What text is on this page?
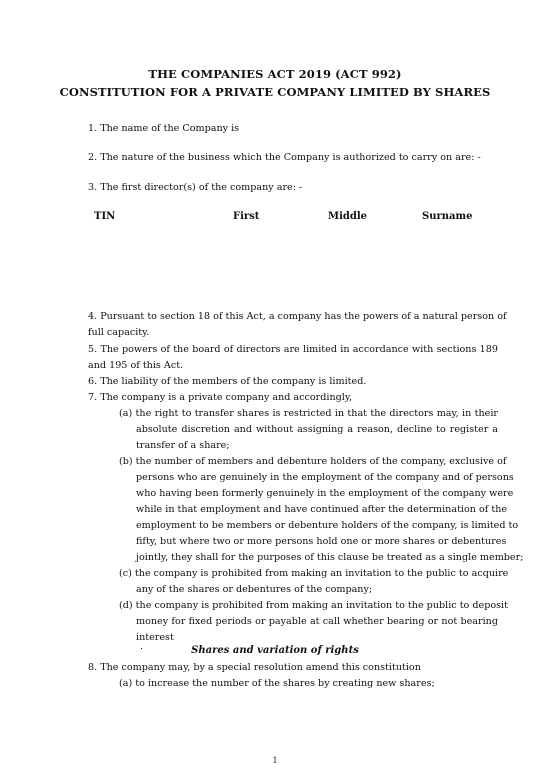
THE COMPANIES ACT 2019 (ACT 992)
CONSTITUTION FOR A PRIVATE COMPANY LIMITED BY SHARES
1. The name of the Company is
2. The nature of the business which the Company is authorized to carry on are: -
3. The first director(s) of the company are: -
TIN	First	Middle	Surname
4. Pursuant to section 18 of this Act, a company has the powers of a natural person of
full capacity.
5. The powers of the board of directors are limited in accordance with sections 189
and 195 of this Act.
6. The liability of the members of the company is limited.
7. The company is a private company and accordingly,
(a) the right to transfer shares is restricted in that the directors may, in their
absolute discretion and without assigning a reason, decline to register a
transfer of a share;
(b) the number of members and debenture holders of the company, exclusive of
persons who are genuinely in the employment of the company and of persons
who having been formerly genuinely in the employment of the company were
while in that employment and have continued after the determination of the
employment to be members or debenture holders of the company, is limited to
fifty, but where two or more persons hold one or more shares or debentures
jointly, they shall for the purposes of this clause be treated as a single member;
(c) the company is prohibited from making an invitation to the public to acquire
any of the shares or debentures of the company;
(d) the company is prohibited from making an invitation to the public to deposit
money for fixed periods or payable at call whether bearing or not bearing
interest
.	Shares and variation of rights
8. The company may, by a special resolution amend this constitution
(a) to increase the number of the shares by creating new shares;
1
